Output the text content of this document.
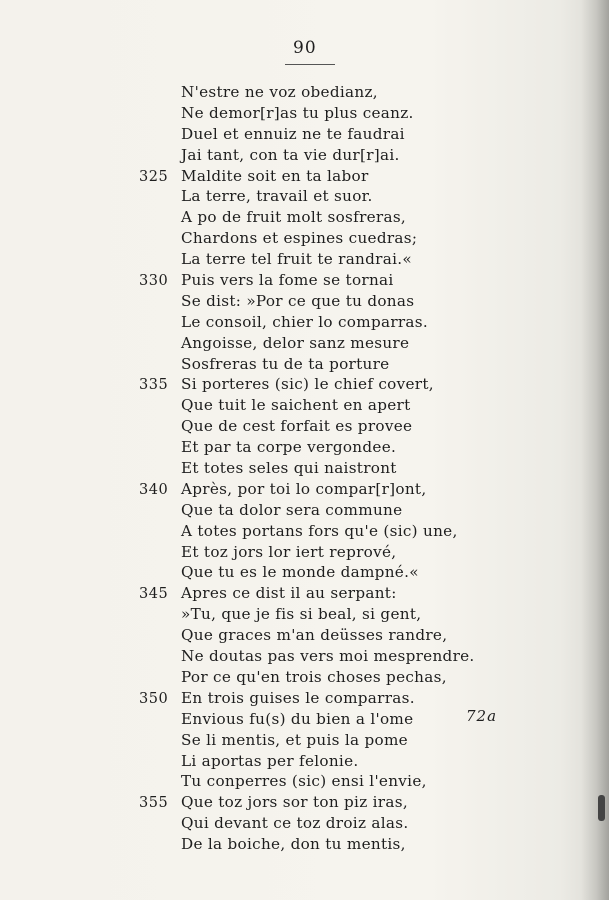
90
N'estre ne voz obedianz,
Ne demor[r]as tu plus ceanz.
Duel et ennuiz ne te faudrai
Jai tant, con ta vie dur[r]ai.
325 Maldite soit en ta labor
La terre, travail et suor.
A po de fruit molt sosfreras,
Chardons et espines cuedras;
La terre tel fruit te randrai.«
330 Puis vers la fome se tornai
Se dist: »Por ce que tu donas
Le consoil, chier lo comparras.
Angoisse, delor sanz mesure
Sosfreras tu de ta porture
335 Si porteres (sic) le chief covert,
Que tuit le saichent en apert
Que de cest forfait es provee
Et par ta corpe vergondee.
Et totes seles qui naistront
340 Après, por toi lo compar[r]ont,
Que ta dolor sera commune
A totes portans fors qu'e (sic) une,
Et toz jors lor iert reprové,
Que tu es le monde dampné.«
345 Apres ce dist il au serpant:
»Tu, que je fis si beal, si gent,
Que graces m'an deüsses randre,
Ne doutas pas vers moi mesprendre.
Por ce qu'en trois choses pechas,
350 En trois guises le comparras.
Envious fu(s) du bien a l'ome
Se li mentis, et puis la pome
Li aportas per felonie.
Tu conperres (sic) ensi l'envie,
355 Que toz jors sor ton piz iras,
Qui devant ce toz droiz alas.
De la boiche, don tu mentis,
72a
